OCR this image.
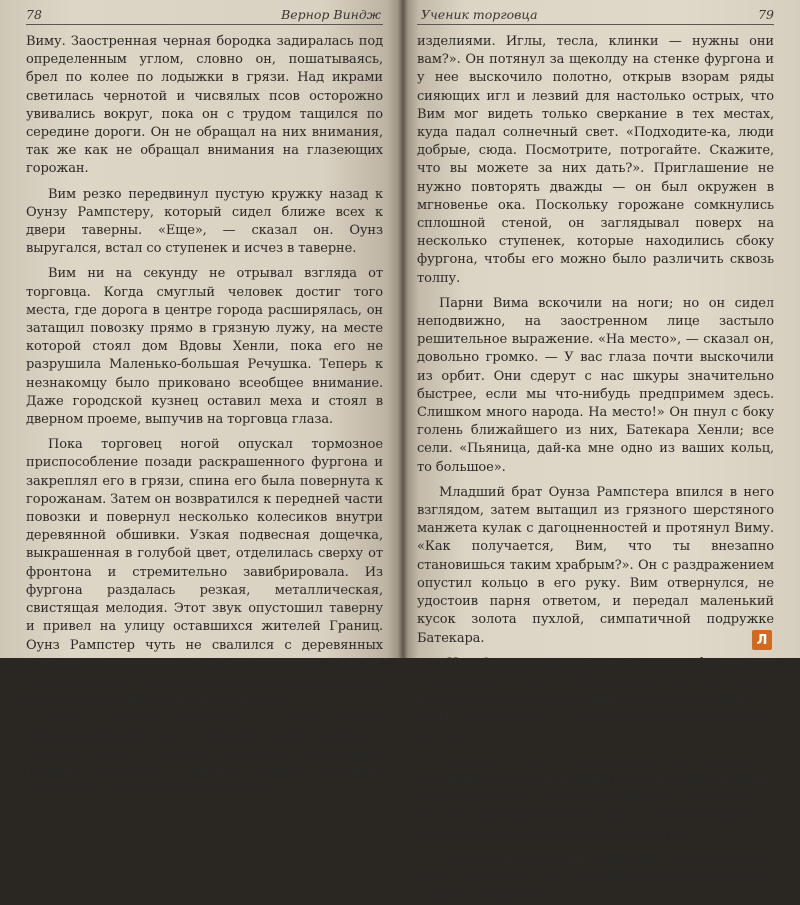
78	Вернор Виндж

Виму. Заостренная черная бородка задиралась под определенным углом, словно он, пошатываясь, брел по колее по лодыжки в грязи. Над икрами светилась чернотой и чисвялых псов осторожно увивались вокруг, пока он с трудом тащился по середине дороги. Он не обращал на них внимания, так же как не обращал внимания на глазеющих горожан.

Вим резко передвинул пустую кружку назад к Оунзу Рампстеру, который сидел ближе всех к двери таверны. «Еще», — сказал он. Оунз выругался, встал со ступенек и исчез в таверне.

Вим ни на секунду не отрывал взгляда от торговца. Когда смуглый человек достиг того места, где дорога в центре города расширялась, он затащил повозку прямо в грязную лужу, на месте которой стоял дом Вдовы Хенли, пока его не разрушила Маленько-большая Речушка. Теперь к незнакомцу было приковано всеобщее внимание. Даже городской кузнец оставил меха и стоял в дверном проеме, выпучив на торговца глаза.

Пока торговец ногой опускал тормозное приспособление позади раскрашенного фургона и закреплял его в грязи, спина его была повернута к горожанам. Затем он возвратился к передней части повозки и повернул несколько колесиков внутри деревянной обшивки. Узкая подвесная дощечка, выкрашенная в голубой цвет, отделилась сверху от фронтона и стремительно завибрировала. Из фургона раздалась резкая, металлическая, свистящая мелодия. Этот звук опустошил таверну и привел на улицу оставшихся жителей Границ. Оунз Рампстер чуть не свалился с деревянных ступенек, торопясь разглядеть источник музыки. Он тяжело опустился, протянув Виму наполненную вновь кружку. Вим даже не заметил.

Когда торговец повернулся к толпе, жуткая музыка прекратилась, и речушка громко шумела в тишине. Смуглый человек прогремел неожиданно низким голосом: «Меня зовут Джейгит Кэтчетурианц, и я торгую коваными

Ученик торговца	79

изделиями. Иглы, тесла, клинки — нужны они вам?». Он потянул за щеколду на стенке фургона и у нее выскочило полотно, открыв взорам ряды сияющих игл и лезвий для настолько острых, что Вим мог видеть только сверкание в тех местах, куда падал солнечный свет. «Подходите-ка, люди добрые, сюда. Посмотрите, потрогайте. Скажите, что вы можете за них дать?». Приглашение не нужно повторять дважды — он был окружен в мгновенье ока. Поскольку горожане сомкнулись сплошной стеной, он заглядывал поверх на несколько ступенек, которые находились сбоку фургона, чтобы его можно было различить сквозь толпу.

Парни Вима вскочили на ноги; но он сидел неподвижно, на заостренном лице застыло решительное выражение. «На место», — сказал он, довольно громко. — У вас глаза почти выскочили из орбит. Они сдерут с нас шкуры значительно быстрее, если мы что-нибудь предпримем здесь. Слишком много народа. На место!» Он пнул с боку голень ближайшего из них, Батекара Хенли; все сели. «Пьяница, дай-ка мне одно из ваших кольц, то большое».

Младший брат Оунза Рампстера впился в него взглядом, затем вытащил из грязного шерстяного манжета кулак с дагоцненностей и протянул Виму. «Как получается, Вим, что ты внезапно становишься таким храбрым?». Он с раздражением опустил кольцо в его руку. Вим отвернулся, не удостоив парня ответом, и передал маленький кусок золота пухлой, симпатичной подружке Батекара.

«Ну, Эмми, просто иди к тому фургону и позаботься о том, чтобы купить нам несколько клинков. Не слишком длинных, скажем, таких, — он вытянул пальцы. — И выясни, как они крепятся на стойке».

«Конечно, Вим». Она поднялась со ступенек и засеменила по гязной дороге к толпе, окружившей фургон торговца. Вим поморщился, раздумывая о том, что красное вязаное платье, которое купил ей Батекар, возможно чересчур маленькое.

Разглагольствования торговца продолжались, почти заглушая шум Маленько-большой Речушки. «Просто опробуй-

Л
